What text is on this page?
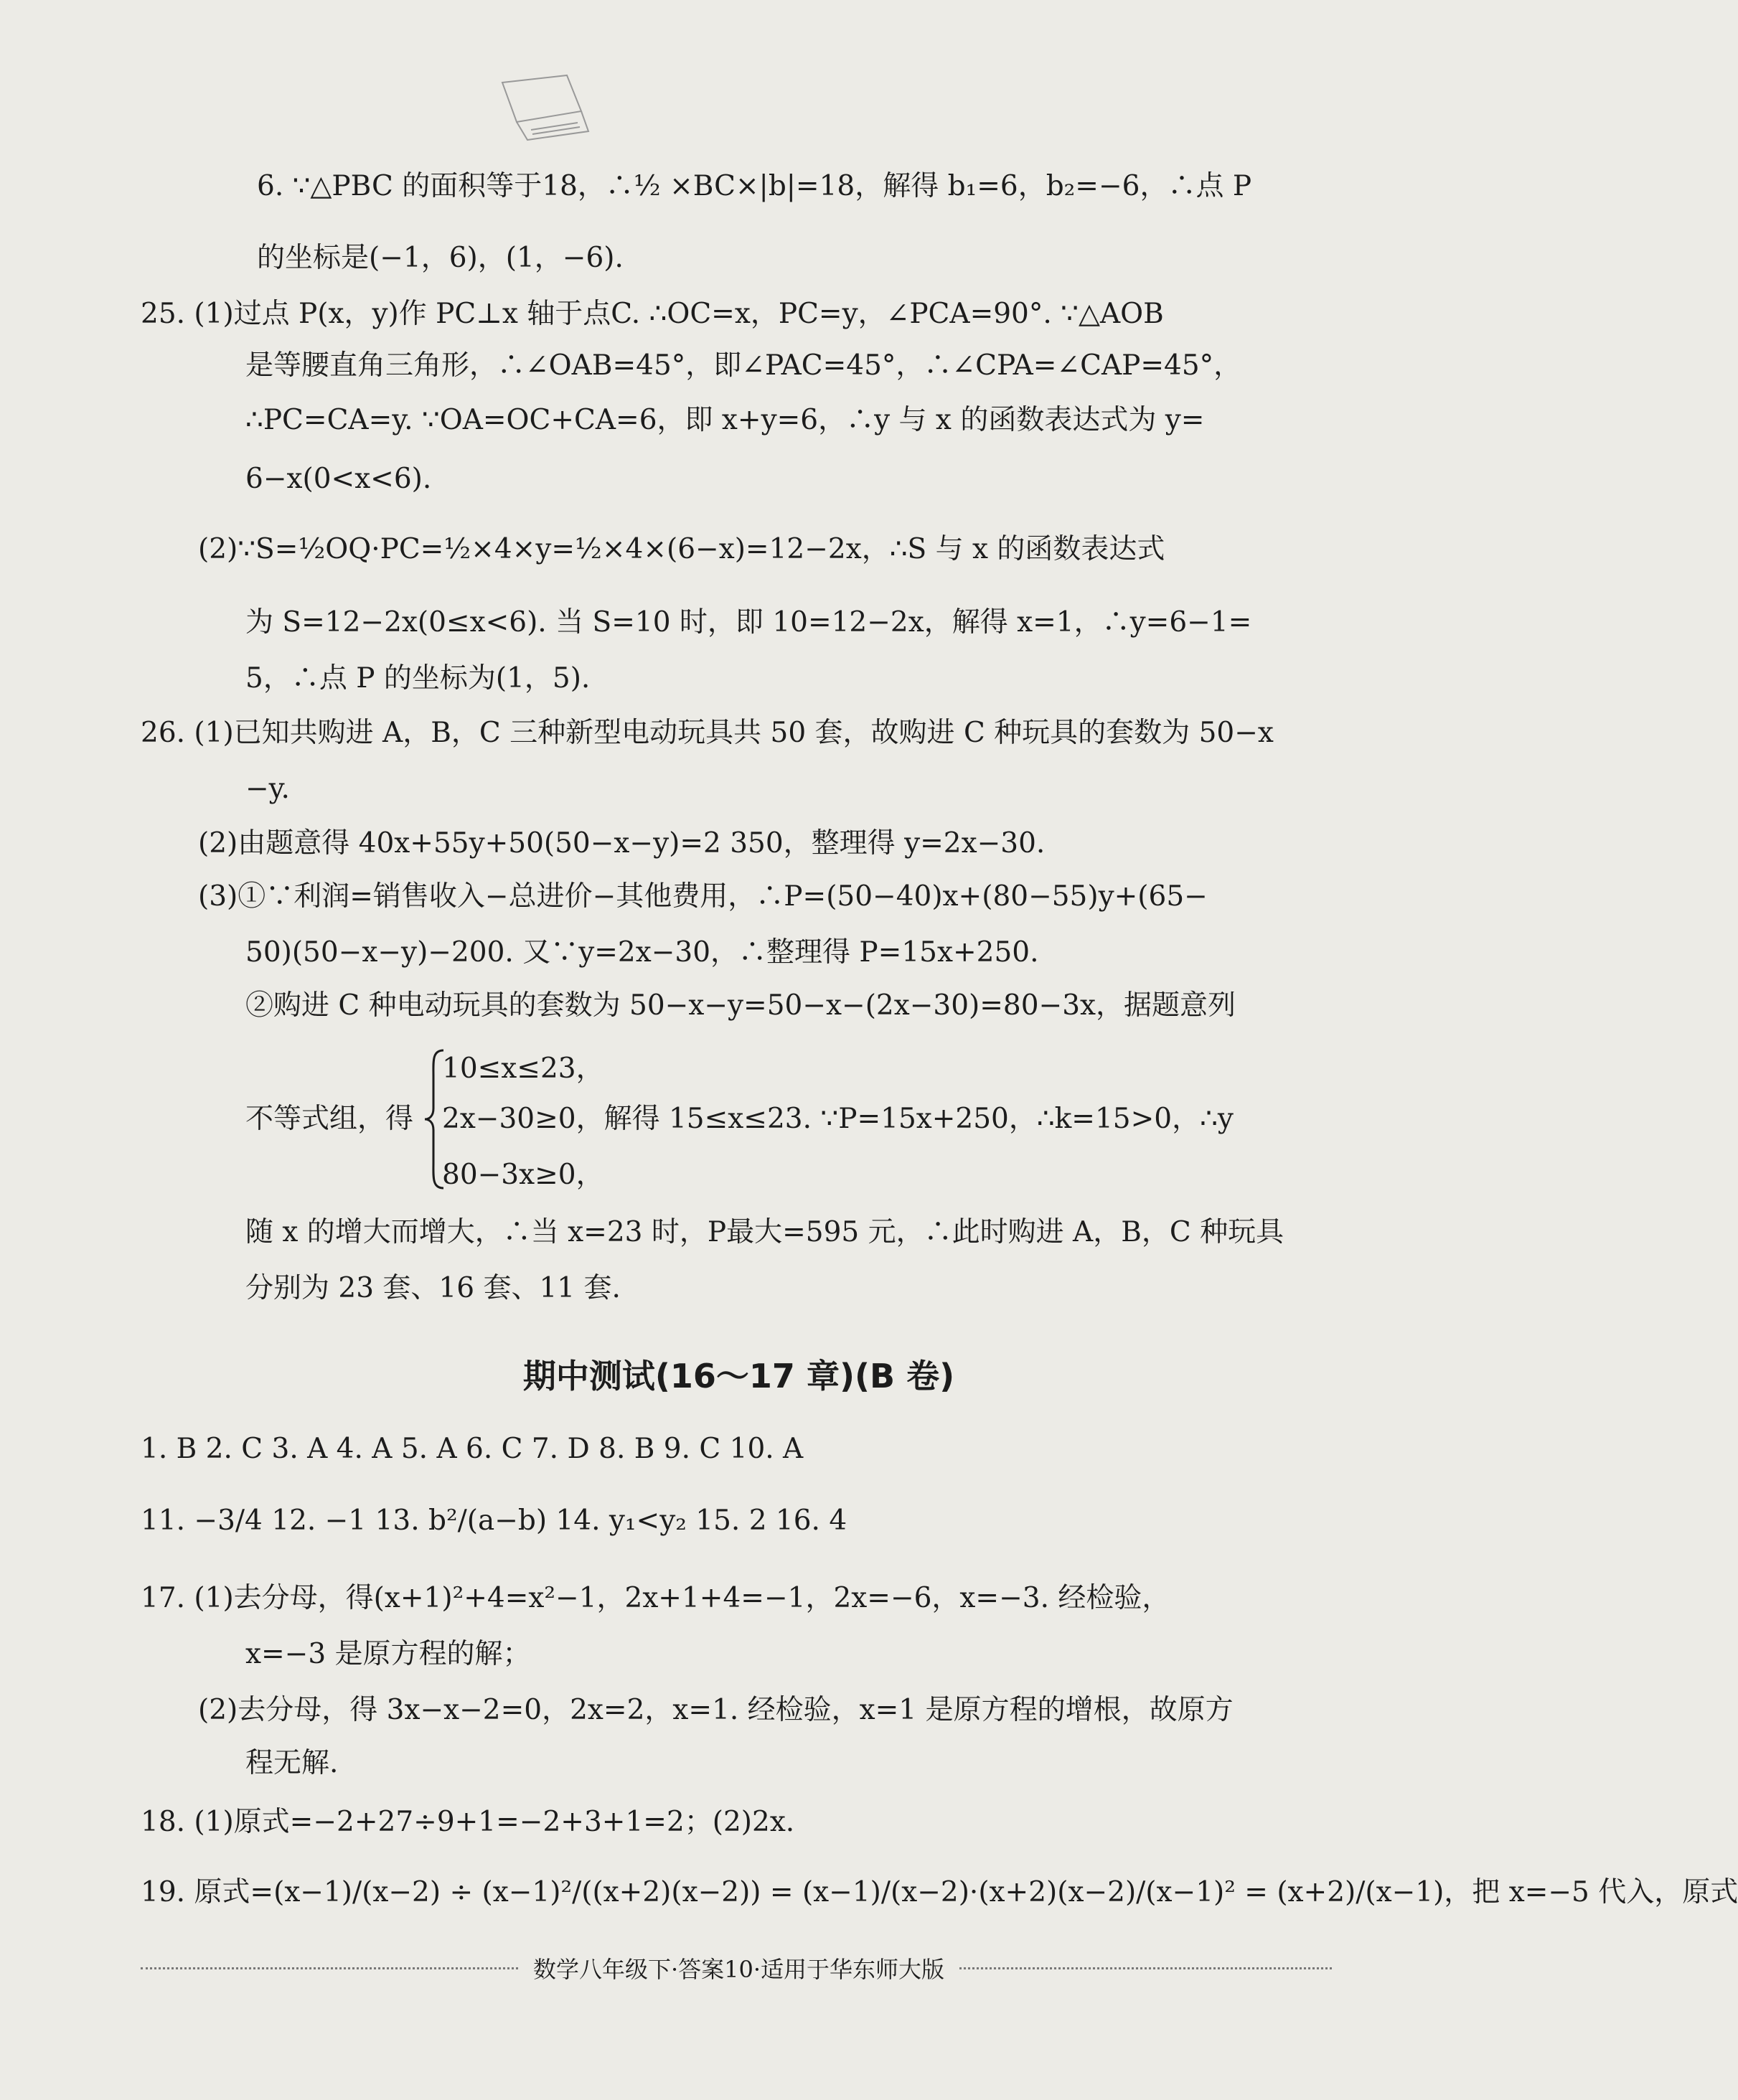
6. ∵△PBC 的面积等于18，∴½ ×BC×|b|=18，解得 b₁=6，b₂=−6，∴点 P
的坐标是(−1，6)，(1，−6).
25. (1)过点 P(x，y)作 PC⊥x 轴于点C. ∴OC=x，PC=y，∠PCA=90°. ∵△AOB
是等腰直角三角形，∴∠OAB=45°，即∠PAC=45°，∴∠CPA=∠CAP=45°，
∴PC=CA=y. ∵OA=OC+CA=6，即 x+y=6，∴y 与 x 的函数表达式为 y=
6−x(0<x<6).
(2)∵S=½OQ·PC=½×4×y=½×4×(6−x)=12−2x，∴S 与 x 的函数表达式
为 S=12−2x(0≤x<6). 当 S=10 时，即 10=12−2x，解得 x=1，∴y=6−1=
5，∴点 P 的坐标为(1，5).
26. (1)已知共购进 A，B，C 三种新型电动玩具共 50 套，故购进 C 种玩具的套数为 50−x
−y.
(2)由题意得 40x+55y+50(50−x−y)=2 350，整理得 y=2x−30.
(3)①∵利润=销售收入−总进价−其他费用，∴P=(50−40)x+(80−55)y+(65−
50)(50−x−y)−200. 又∵y=2x−30，∴整理得 P=15x+250.
②购进 C 种电动玩具的套数为 50−x−y=50−x−(2x−30)=80−3x，据题意列
10≤x≤23，
不等式组，得 2x−30≥0，解得 15≤x≤23. ∵P=15x+250，∴k=15>0，∴y
80−3x≥0，
随 x 的增大而增大，∴当 x=23 时，P最大=595 元，∴此时购进 A，B，C 种玩具
分别为 23 套、16 套、11 套.
期中测试(16～17 章)(B 卷)
1. B 2. C 3. A 4. A 5. A 6. C 7. D 8. B 9. C 10. A
11. −3/4 12. −1 13. b²/(a−b) 14. y₁<y₂ 15. 2 16. 4
17. (1)去分母，得(x+1)²+4=x²−1，2x+1+4=−1，2x=−6，x=−3. 经检验，
x=−3 是原方程的解；
(2)去分母，得 3x−x−2=0，2x=2，x=1. 经检验，x=1 是原方程的增根，故原方
程无解.
18. (1)原式=−2+27÷9+1=−2+3+1=2；(2)2x.
19. 原式=(x−1)/(x−2) ÷ (x−1)²/((x+2)(x−2)) = (x−1)/(x−2)·(x+2)(x−2)/(x−1)² = (x+2)/(x−1)，把 x=−5 代入，原式
数学八年级下·答案10·适用于华东师大版
